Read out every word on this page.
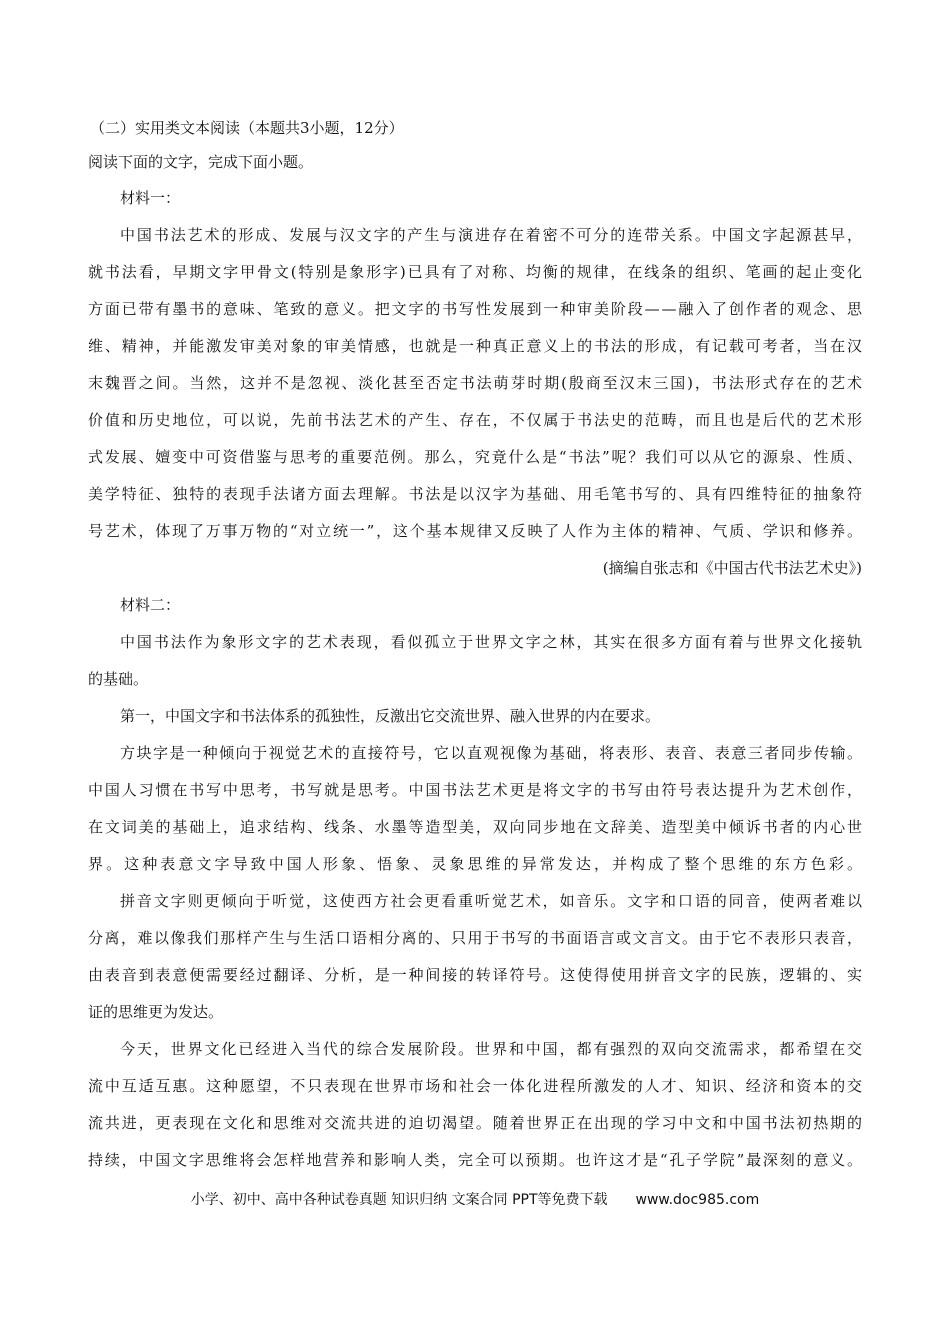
（二）实用类文本阅读（本题共3小题，12分）
阅读下面的文字，完成下面小题。
材料一：
中国书法艺术的形成、发展与汉文字的产生与演进存在着密不可分的连带关系。中国文字起源甚早，
就书法看，早期文字甲骨文(特别是象形字)已具有了对称、均衡的规律，在线条的组织、笔画的起止变化
方面已带有墨书的意味、笔致的意义。把文字的书写性发展到一种审美阶段——融入了创作者的观念、思
维、精神，并能激发审美对象的审美情感，也就是一种真正意义上的书法的形成，有记载可考者，当在汉
末魏晋之间。当然，这并不是忽视、淡化甚至否定书法萌芽时期(殷商至汉末三国)，书法形式存在的艺术
价值和历史地位，可以说，先前书法艺术的产生、存在，不仅属于书法史的范畴，而且也是后代的艺术形
式发展、嬗变中可资借鉴与思考的重要范例。那么，究竟什么是“书法”呢？我们可以从它的源泉、性质、
美学特征、独特的表现手法诸方面去理解。书法是以汉字为基础、用毛笔书写的、具有四维特征的抽象符
号艺术，体现了万事万物的“对立统一”，这个基本规律又反映了人作为主体的精神、气质、学识和修养。
(摘编自张志和《中国古代书法艺术史》)
材料二：
中国书法作为象形文字的艺术表现，看似孤立于世界文字之林，其实在很多方面有着与世界文化接轨
的基础。
第一，中国文字和书法体系的孤独性，反激出它交流世界、融入世界的内在要求。
方块字是一种倾向于视觉艺术的直接符号，它以直观视像为基础，将表形、表音、表意三者同步传输。
中国人习惯在书写中思考，书写就是思考。中国书法艺术更是将文字的书写由符号表达提升为艺术创作，
在文词美的基础上，追求结构、线条、水墨等造型美，双向同步地在文辞美、造型美中倾诉书者的内心世
界。这种表意文字导致中国人形象、悟象、灵象思维的异常发达，并构成了整个思维的东方色彩。
拼音文字则更倾向于听觉，这使西方社会更看重听觉艺术，如音乐。文字和口语的同音，使两者难以
分离，难以像我们那样产生与生活口语相分离的、只用于书写的书面语言或文言文。由于它不表形只表音，
由表音到表意便需要经过翻译、分析，是一种间接的转译符号。这使得使用拼音文字的民族，逻辑的、实
证的思维更为发达。
今天，世界文化已经进入当代的综合发展阶段。世界和中国，都有强烈的双向交流需求，都希望在交
流中互适互惠。这种愿望，不只表现在世界市场和社会一体化进程所激发的人才、知识、经济和资本的交
流共进，更表现在文化和思维对交流共进的迫切渴望。随着世界正在出现的学习中文和中国书法初热期的
持续，中国文字思维将会怎样地营养和影响人类，完全可以预期。也许这才是“孔子学院”最深刻的意义。
小学、初中、高中各种试卷真题 知识归纳 文案合同 PPT等免费下载 www.doc985.com
